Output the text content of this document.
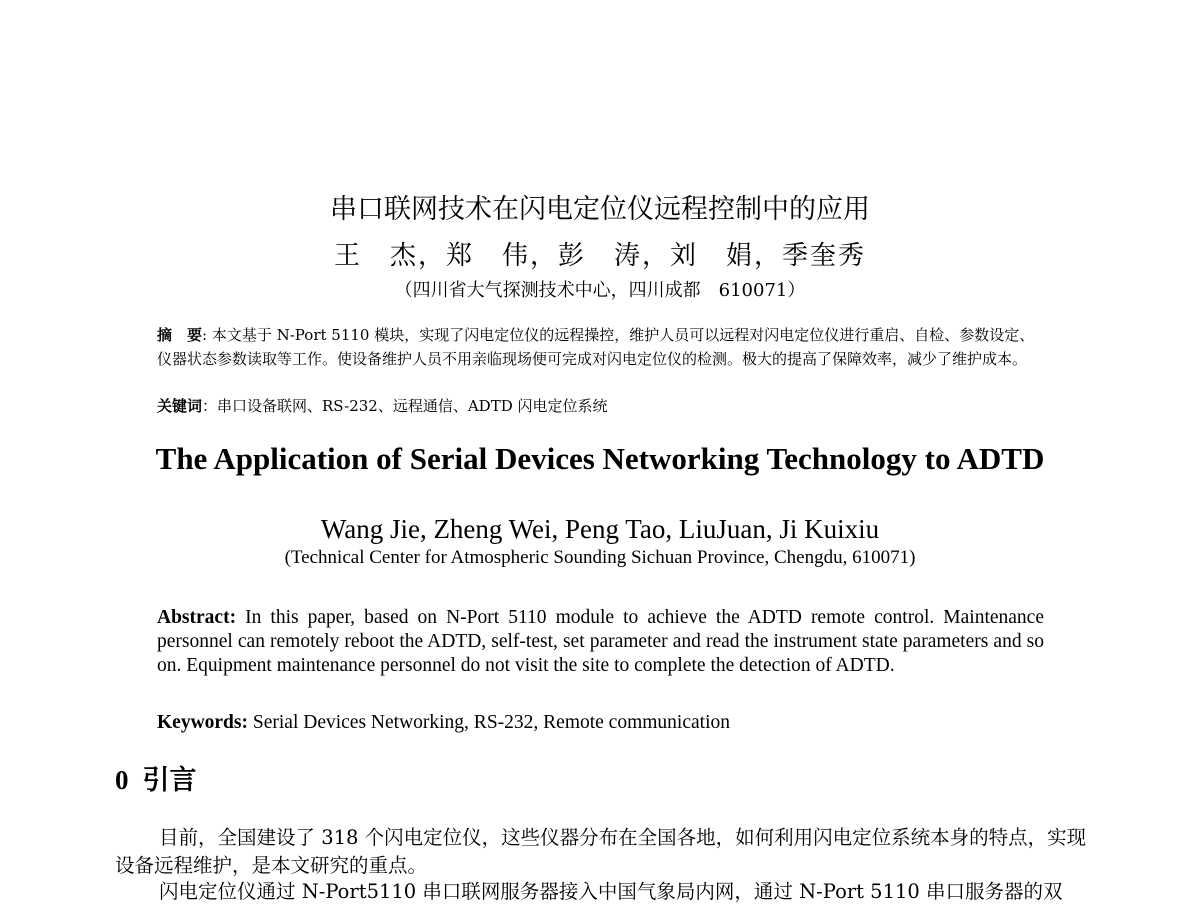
串口联网技术在闪电定位仪远程控制中的应用
王　杰，郑　伟，彭　涛，刘　娟，季奎秀
（四川省大气探测技术中心，四川成都　610071）
摘　要: 本文基于 N-Port 5110 模块，实现了闪电定位仪的远程操控，维护人员可以远程对闪电定位仪进行重启、自检、参数设定、仪器状态参数读取等工作。使设备维护人员不用亲临现场便可完成对闪电定位仪的检测。极大的提高了保障效率，减少了维护成本。
关键词：串口设备联网、RS-232、远程通信、ADTD 闪电定位系统
The Application of Serial Devices Networking Technology to ADTD
Wang Jie, Zheng Wei, Peng Tao, LiuJuan, Ji Kuixiu
(Technical Center for Atmospheric Sounding Sichuan Province, Chengdu, 610071)
Abstract: In this paper, based on N-Port 5110 module to achieve the ADTD remote control. Maintenance personnel can remotely reboot the ADTD, self-test, set parameter and read the instrument state parameters and so on. Equipment maintenance personnel do not visit the site to complete the detection of ADTD.
Keywords: Serial Devices Networking, RS-232, Remote communication
0 引言
目前，全国建设了 318 个闪电定位仪，这些仪器分布在全国各地，如何利用闪电定位系统本身的特点，实现设备远程维护，是本文研究的重点。
闪电定位仪通过 N-Port5110 串口联网服务器接入中国气象局内网，通过 N-Port 5110 串口服务器的双
